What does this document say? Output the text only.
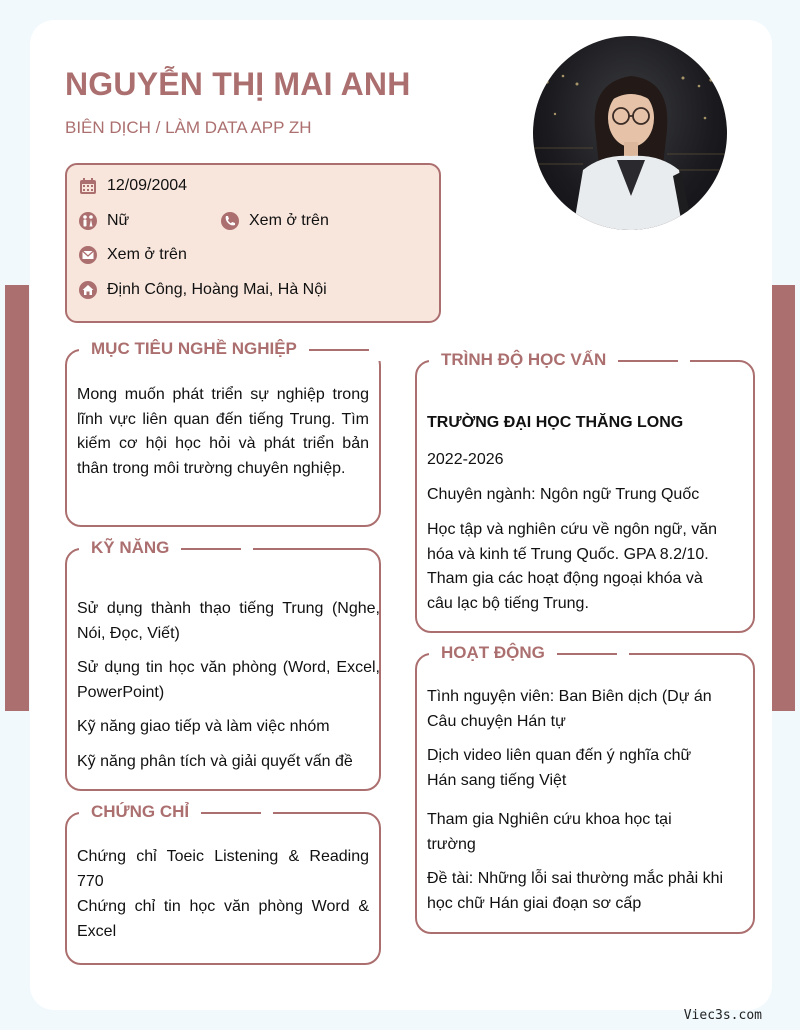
NGUYỄN THỊ MAI ANH
BIÊN DỊCH / LÀM DATA APP ZH
12/09/2004
Nữ	Xem ở trên
Xem ở trên
Định Công, Hoàng Mai, Hà Nội
MỤC TIÊU NGHỀ NGHIỆP
Mong muốn phát triển sự nghiệp trong lĩnh vực liên quan đến tiếng Trung. Tìm kiếm cơ hội học hỏi và phát triển bản thân trong môi trường chuyên nghiệp.
KỸ NĂNG
Sử dụng thành thạo tiếng Trung (Nghe, Nói, Đọc, Viết)
Sử dụng tin học văn phòng (Word, Excel, PowerPoint)
Kỹ năng giao tiếp và làm việc nhóm
Kỹ năng phân tích và giải quyết vấn đề
CHỨNG CHỈ
Chứng chỉ Toeic Listening & Reading 770
Chứng chỉ tin học văn phòng Word & Excel
TRÌNH ĐỘ HỌC VẤN
TRƯỜNG ĐẠI HỌC THĂNG LONG
2022-2026
Chuyên ngành: Ngôn ngữ Trung Quốc
Học tập và nghiên cứu về ngôn ngữ, văn hóa và kinh tế Trung Quốc. GPA 8.2/10. Tham gia các hoạt động ngoại khóa và câu lạc bộ tiếng Trung.
HOẠT ĐỘNG
Tình nguyện viên: Ban Biên dịch (Dự án Câu chuyện Hán tự
Dịch video liên quan đến ý nghĩa chữ Hán sang tiếng Việt
Tham gia Nghiên cứu khoa học tại trường
Đề tài: Những lỗi sai thường mắc phải khi học chữ Hán giai đoạn sơ cấp
Viec3s.com
